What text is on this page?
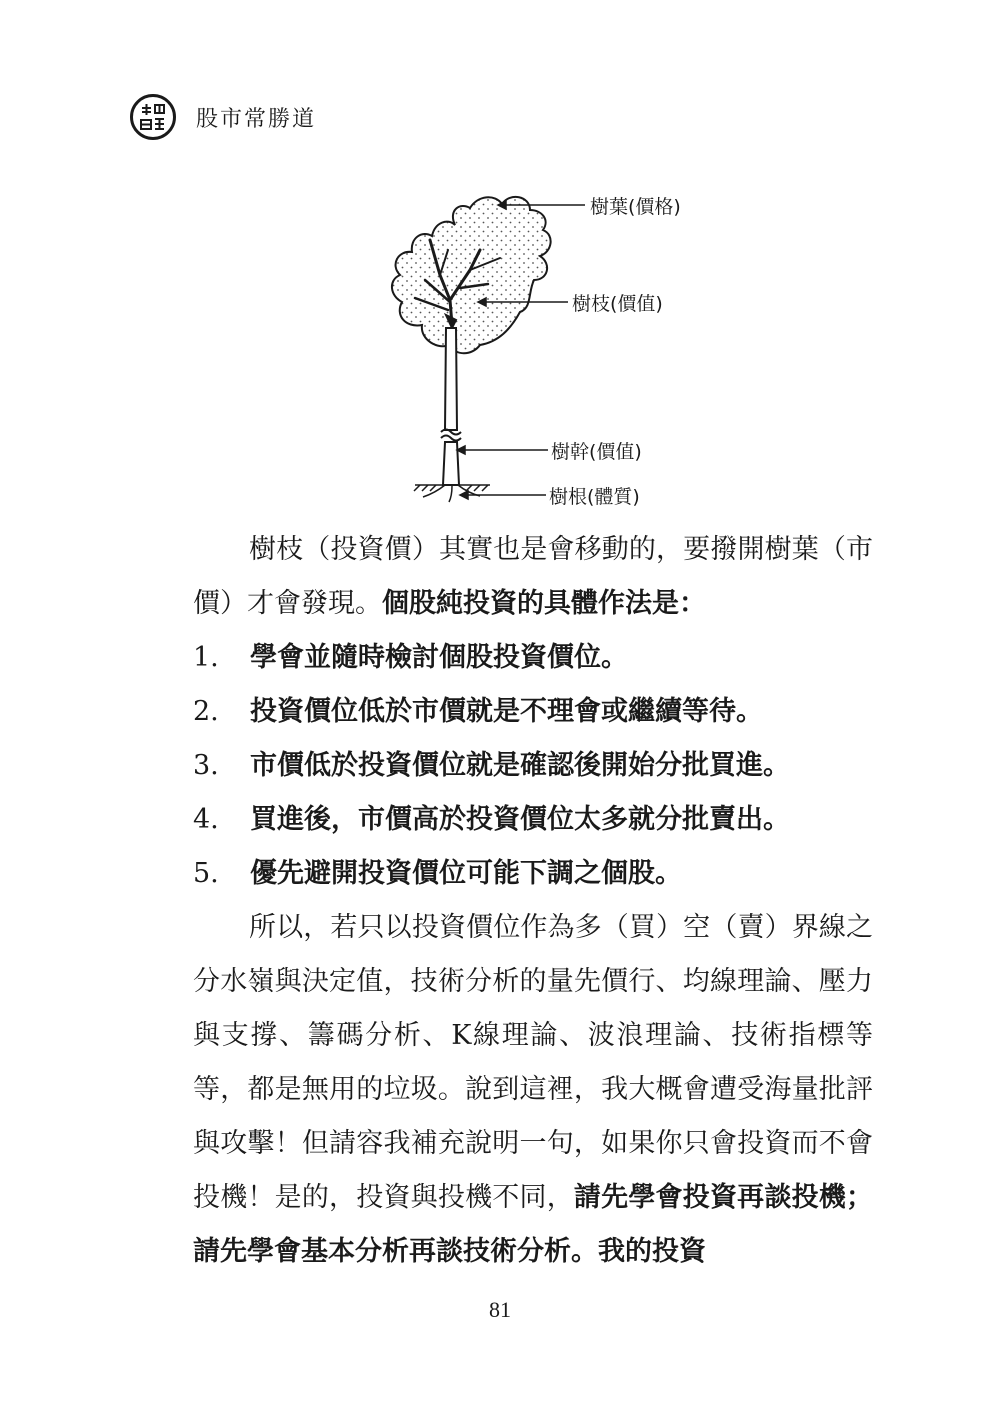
股市常勝道
樹葉(價格)
樹枝(價值)
樹幹(價值)
樹根(體質)

樹枝（投資價）其實也是會移動的，要撥開樹葉（市價）才會發現。個股純投資的具體作法是：

1.	學會並隨時檢討個股投資價位。
2.	投資價位低於市價就是不理會或繼續等待。
3.	市價低於投資價位就是確認後開始分批買進。
4.	買進後，市價高於投資價位太多就分批賣出。
5.	優先避開投資價位可能下調之個股。

所以，若只以投資價位作為多（買）空（賣）界線之分水嶺與決定值，技術分析的量先價行、均線理論、壓力與支撐、籌碼分析、K線理論、波浪理論、技術指標等等，都是無用的垃圾。說到這裡，我大概會遭受海量批評與攻擊！但請容我補充說明一句，如果你只會投資而不會投機！是的，投資與投機不同，請先學會投資再談投機；請先學會基本分析再談技術分析。我的投資

81
